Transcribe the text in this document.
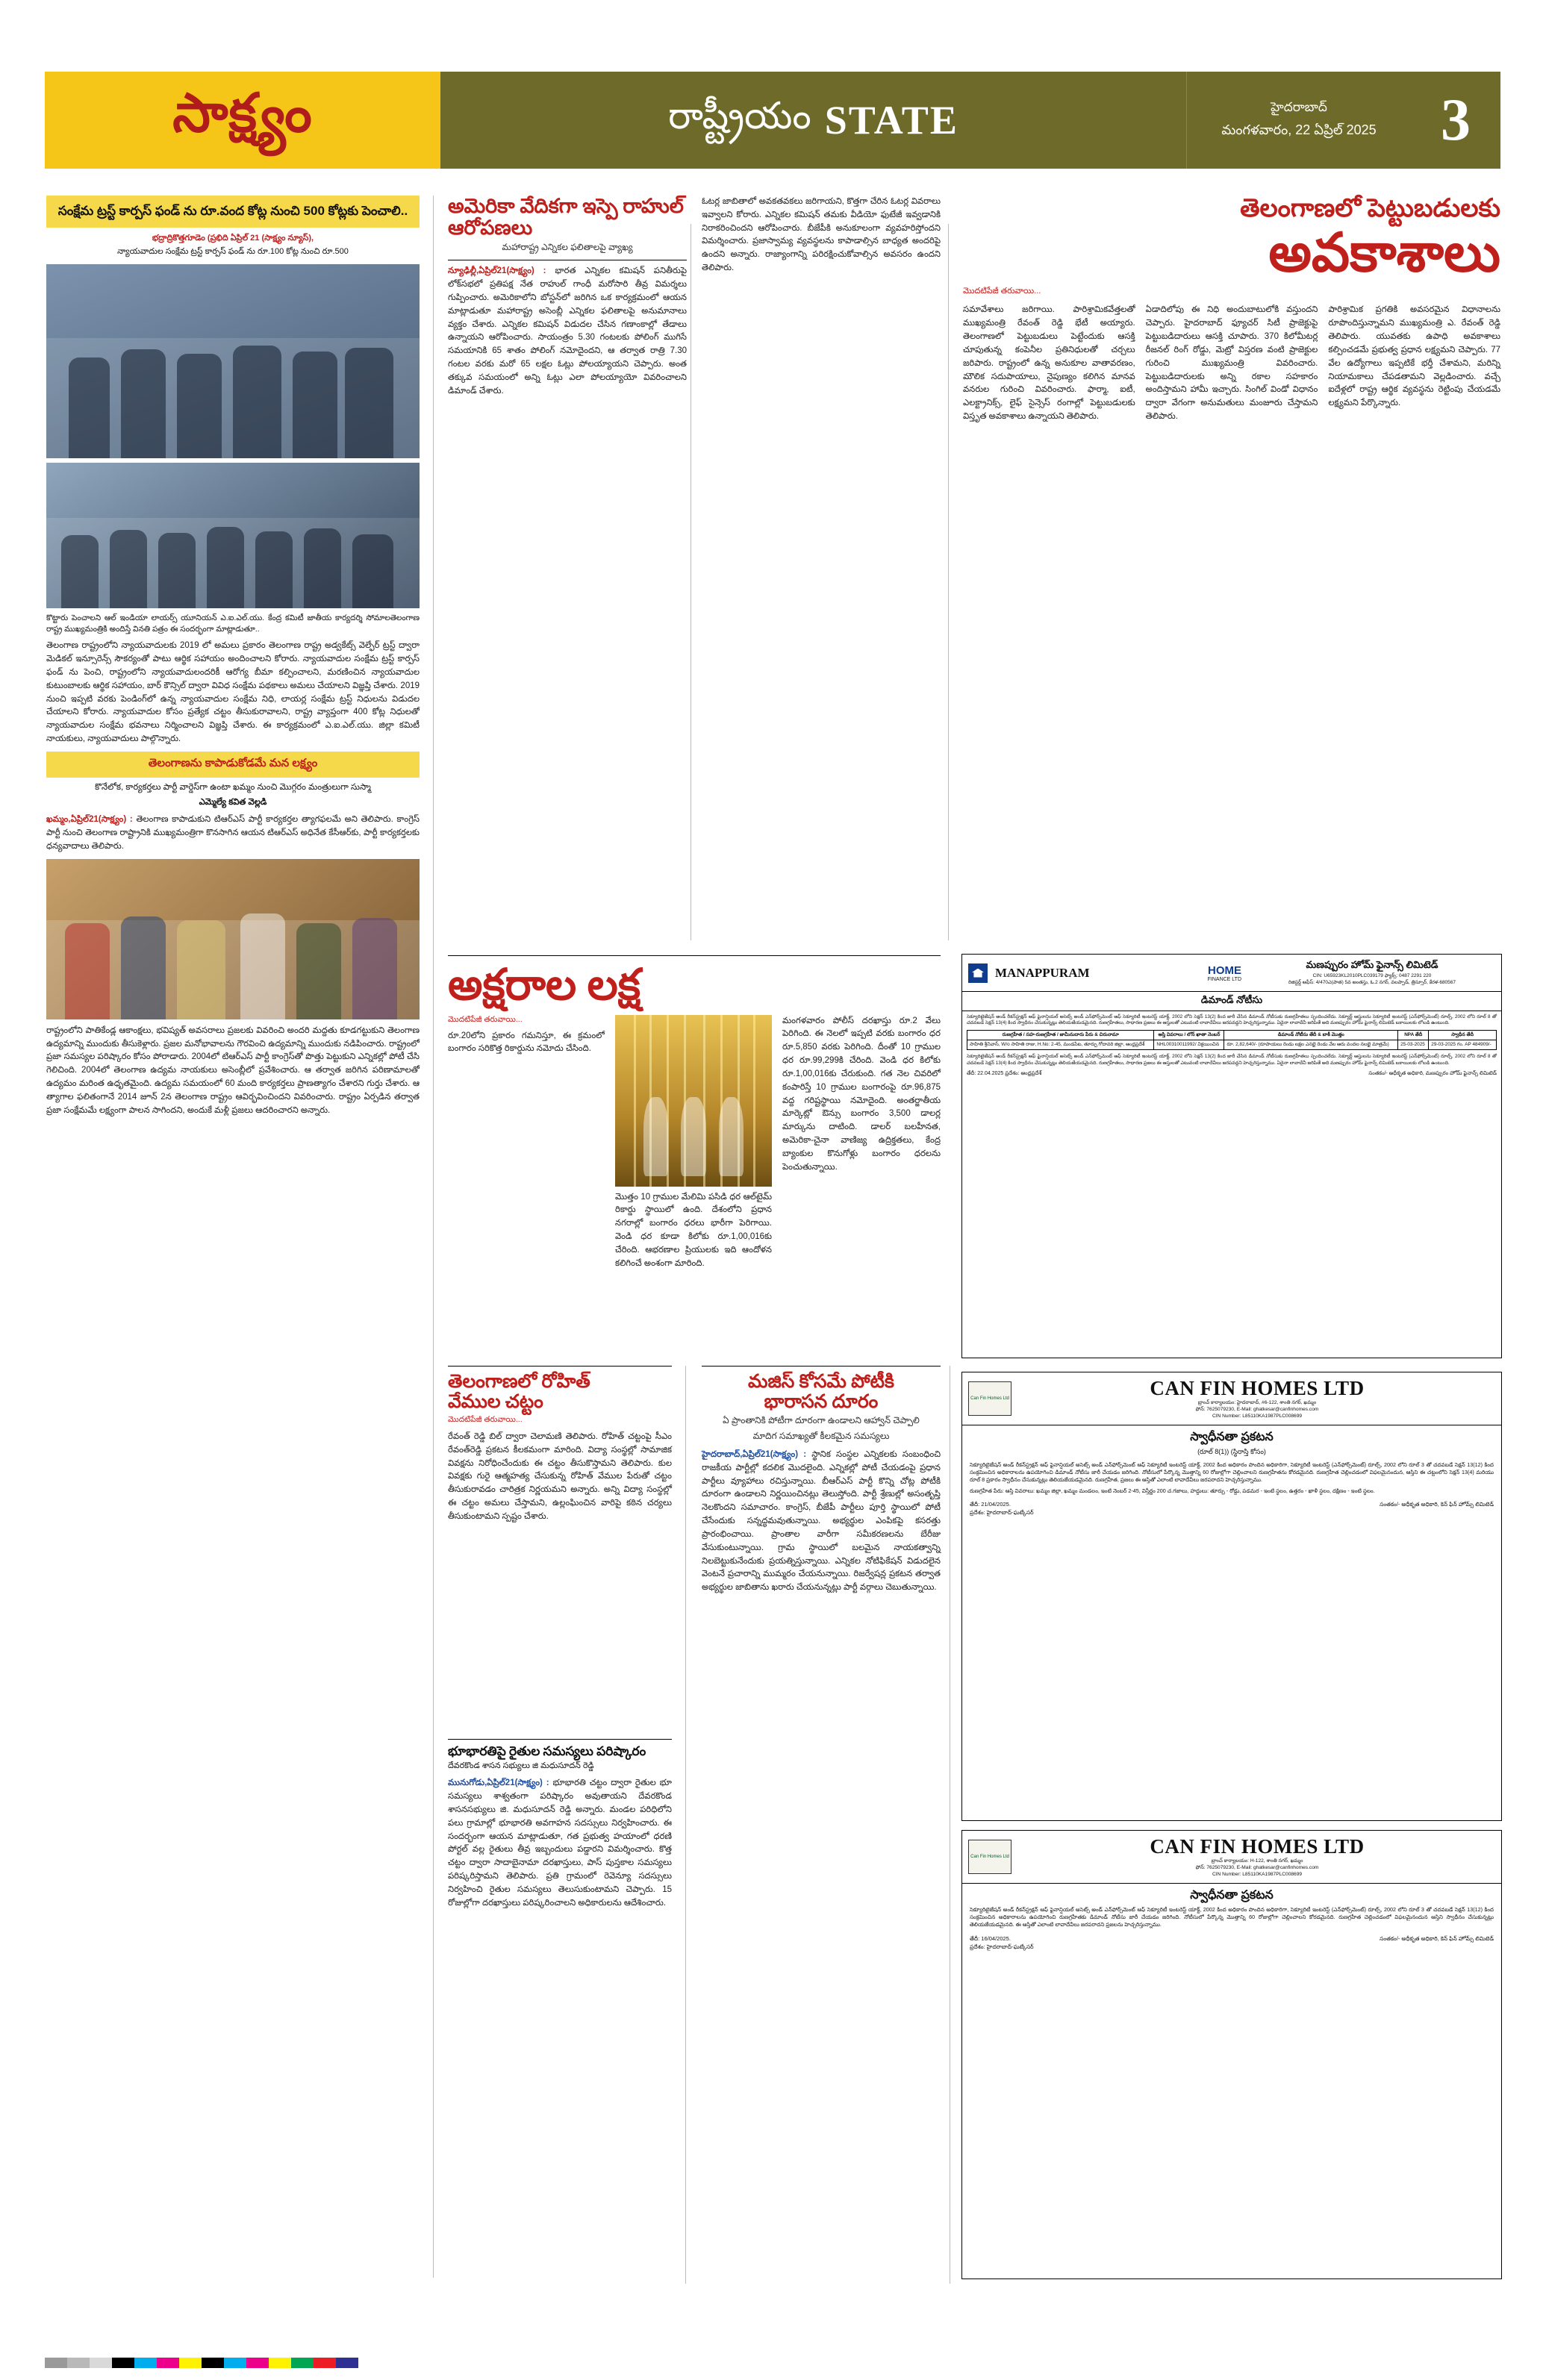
సాక్ష్యం	రాష్ట్రీయం STATE	హైదరాబాద్
మంగళవారం, 22 ఏప్రిల్ 2025	3
సంక్షేమ ట్రస్ట్ కార్పస్ ఫండ్ ను రూ.వంద కోట్ల నుంచి 500 కోట్లకు పెంచాలి..
భద్రాద్రికొత్తగూడెం (ప్రభిది ఏప్రిల్ 21 (సాక్ష్యం న్యూస్),
న్యాయవాదుల సంక్షేమ ట్రస్ట్ కార్పస్ ఫండ్ ను రూ.100 కోట్ల నుంచి రూ.500
కొట్టారు పెంచాలని ఆల్ ఇండియా లాయర్స్ యూనియన్ ఎ.ఐ.ఎల్.యు. కేంద్ర కమిటీ జాతీయ కార్యదర్శి సోమాలతెలంగాణ రాష్ట్ర ముఖ్యమంత్రికి అందిస్తే వినతి పత్రం ఈ సందర్భంగా మాట్లాడుతూ..

తెలంగాణ రాష్ట్రంలోని న్యాయవాదులకు 2019 లో అమలు ప్రకారం తెలంగాణ రాష్ట్ర అడ్వకేట్స్ వెల్ఫేర్ ట్రస్ట్ ద్వారా మెడికల్ ఇన్సూరెన్స్ సౌకర్యంతో పాటు ఆర్థిక సహాయం అందించాలని కోరారు. న్యాయవాదుల సంక్షేమ ట్రస్ట్ కార్పస్ ఫండ్ ను పెంచి, రాష్ట్రంలోని న్యాయవాదులందరికీ ఆరోగ్య బీమా కల్పించాలని, మరణించిన న్యాయవాదుల కుటుంబాలకు ఆర్థిక సహాయం, బార్ కౌన్సిల్ ద్వారా వివిధ సంక్షేమ పథకాలు అమలు చేయాలని విజ్ఞప్తి చేశారు. 2019 నుంచి ఇప్పటి వరకు పెండింగ్‌లో ఉన్న న్యాయవాదుల సంక్షేమ నిధి, లాయర్ల సంక్షేమ ట్రస్ట్ నిధులను విడుదల చేయాలని కోరారు. న్యాయవాదుల కోసం ప్రత్యేక చట్టం తీసుకురావాలని, రాష్ట్ర వ్యాప్తంగా 400 కోట్ల నిధులతో న్యాయవాదుల సంక్షేమ భవనాలు నిర్మించాలని విజ్ఞప్తి చేశారు. ఈ కార్యక్రమంలో ఎ.ఐ.ఎల్.యు. జిల్లా కమిటీ నాయకులు, న్యాయవాదులు పాల్గొన్నారు.

తెలంగాణను కాపాడుకోడమే మన లక్ష్యం
కొనేలోక, కార్యకర్తలు పార్టీ వార్డెస్‌గా ఉంటా ఖమ్మం నుంచి మొగ్గరం మంత్రులుగా సుస్మా
ఎమ్మెల్యే కవిత వెల్లడి

ఖమ్మం,ఏప్రిల్21(సాక్ష్యం) : తెలంగాణ కాపాడుకుని టిఆర్ఎస్ పార్టీ కార్యకర్తల త్యాగఫలమే అని తెలిపారు. కాంగ్రెస్ పార్టీ నుంచి తెలంగాణ రాష్ట్రానికి ముఖ్యమంత్రిగా కొనసాగిన ఆయన టిఆర్ఎస్ అధినేత కేసీఆర్‌కు, పార్టీ కార్యకర్తలకు ధన్యవాదాలు తెలిపారు.

రాష్ట్రంలోని పాతికేండ్ల ఆకాంక్షలు, భవిష్యత్ అవసరాలు ప్రజలకు వివరించి అందరి మద్దతు కూడగట్టుకుని తెలంగాణ ఉద్యమాన్ని ముందుకు తీసుకెళ్లారు. ప్రజల మనోభావాలను గౌరవించి ఉద్యమాన్ని ముందుకు నడిపించారు. రాష్ట్రంలో ప్రజా సమస్యల పరిష్కారం కోసం పోరాడారు. 2004లో టిఆర్ఎస్ పార్టీ కాంగ్రెస్‌తో పొత్తు పెట్టుకుని ఎన్నికల్లో పోటీ చేసి గెలిచింది. 2004లో తెలంగాణ ఉద్యమ నాయకులు అసెంబ్లీలో ప్రవేశించారు. ఆ తర్వాత జరిగిన పరిణామాలతో ఉద్యమం మరింత ఉధృతమైంది. ఉద్యమ సమయంలో 60 మంది కార్యకర్తలు ప్రాణత్యాగం చేశారని గుర్తు చేశారు. ఆ త్యాగాల ఫలితంగానే 2014 జూన్ 2న తెలంగాణ రాష్ట్రం ఆవిర్భవించిందని వివరించారు. రాష్ట్రం ఏర్పడిన తర్వాత ప్రజా సంక్షేమమే లక్ష్యంగా పాలన సాగిందని, అందుకే మళ్లీ ప్రజలు ఆదరించారని అన్నారు.

అమెరికా వేదికగా ఇస్పె రాహుల్ ఆరోపణలు
మహారాష్ట్ర ఎన్నికల ఫలితాలపై వ్యాఖ్య

న్యూఢిల్లీ,ఏప్రిల్21(సాక్ష్యం) : భారత ఎన్నికల కమిషన్ పనితీరుపై లోక్‌సభలో ప్రతిపక్ష నేత రాహుల్ గాంధీ మరోసారి తీవ్ర విమర్శలు గుప్పించారు. అమెరికాలోని బోస్టన్‌లో జరిగిన ఒక కార్యక్రమంలో ఆయన మాట్లాడుతూ మహారాష్ట్ర అసెంబ్లీ ఎన్నికల ఫలితాలపై అనుమానాలు వ్యక్తం చేశారు. ఎన్నికల కమిషన్ విడుదల చేసిన గణాంకాల్లో తేడాలు ఉన్నాయని ఆరోపించారు. సాయంత్రం 5.30 గంటలకు పోలింగ్ ముగిసే సమయానికి 65 శాతం పోలింగ్ నమోదైందని, ఆ తర్వాత రాత్రి 7.30 గంటల వరకు మరో 65 లక్షల ఓట్లు పోలయ్యాయని చెప్పారు. అంత తక్కువ సమయంలో అన్ని ఓట్లు ఎలా పోలయ్యాయో వివరించాలని డిమాండ్ చేశారు.

ఓటర్ల జాబితాలో అవకతవకలు జరిగాయని, కొత్తగా చేరిన ఓటర్ల వివరాలు ఇవ్వాలని కోరారు. ఎన్నికల కమిషన్ తమకు వీడియో ఫుటేజీ ఇవ్వడానికి నిరాకరించిందని ఆరోపించారు. బీజేపీకి అనుకూలంగా వ్యవహరిస్తోందని విమర్శించారు. ప్రజాస్వామ్య వ్యవస్థలను కాపాడాల్సిన బాధ్యత అందరిపై ఉందని అన్నారు. రాజ్యాంగాన్ని పరిరక్షించుకోవాల్సిన అవసరం ఉందని తెలిపారు.

తెలంగాణలో పెట్టుబడులకు
అవకాశాలు
మొదటిపేజీ తరువాయి...
సమావేశాలు జరిగాయి. పారిశ్రామికవేత్తలతో ముఖ్యమంత్రి రేవంత్ రెడ్డి భేటీ అయ్యారు. తెలంగాణలో పెట్టుబడులు పెట్టేందుకు ఆసక్తి చూపుతున్న కంపెనీల ప్రతినిధులతో చర్చలు జరిపారు. రాష్ట్రంలో ఉన్న అనుకూల వాతావరణం, మౌలిక సదుపాయాలు, నైపుణ్యం కలిగిన మానవ వనరుల గురించి వివరించారు. ఫార్మా, ఐటీ, ఎలక్ట్రానిక్స్, లైఫ్ సైన్సెస్ రంగాల్లో పెట్టుబడులకు విస్తృత అవకాశాలు ఉన్నాయని తెలిపారు.
ఏడాదిలోపు ఈ నిధి అందుబాటులోకి వస్తుందని చెప్పారు. హైదరాబాద్ ఫ్యూచర్ సిటీ ప్రాజెక్టుపై పెట్టుబడిదారులు ఆసక్తి చూపారు. 370 కిలోమీటర్ల రీజనల్ రింగ్ రోడ్డు, మెట్రో విస్తరణ వంటి ప్రాజెక్టుల గురించి ముఖ్యమంత్రి వివరించారు. పెట్టుబడిదారులకు అన్ని రకాల సహకారం అందిస్తామని హామీ ఇచ్చారు. సింగిల్ విండో విధానం ద్వారా వేగంగా అనుమతులు మంజూరు చేస్తామని తెలిపారు.
పారిశ్రామిక ప్రగతికి అవసరమైన విధానాలను రూపొందిస్తున్నామని ముఖ్యమంత్రి ఎ. రేవంత్ రెడ్డి తెలిపారు. యువతకు ఉపాధి అవకాశాలు కల్పించడమే ప్రభుత్వ ప్రధాన లక్ష్యమని చెప్పారు. 77 వేల ఉద్యోగాలు ఇప్పటికే భర్తీ చేశామని, మరిన్ని నియామకాలు చేపడతామని వెల్లడించారు. వచ్చే ఐదేళ్లలో రాష్ట్ర ఆర్థిక వ్యవస్థను రెట్టింపు చేయడమే లక్ష్యమని పేర్కొన్నారు.
అక్షరాల లక్ష
మొదటిపేజీ తరువాయి...
రూ.20లోని ప్రకారం గమనిస్తూ, ఈ క్రమంలో బంగారం సరికొత్త రికార్డును నమోదు చేసింది.
మొత్తం 10 గ్రాముల మేలిమి పసిడి ధర ఆల్‌టైమ్ రికార్డు స్థాయిలో ఉంది. దేశంలోని ప్రధాన నగరాల్లో బంగారం ధరలు భారీగా పెరిగాయి. వెండి ధర కూడా కిలోకు రూ.1,00,016కు చేరింది. ఆభరణాల ప్రియులకు ఇది ఆందోళన కలిగించే అంశంగా మారింది.
మంగళవారం పోలీస్ దరఖాస్తు రూ.2 వేలు పెరిగింది. ఈ నెలలో ఇప్పటి వరకు బంగారం ధర రూ.5,850 వరకు పెరిగింది. దీంతో 10 గ్రాముల ధర రూ.99,299కి చేరింది. వెండి ధర కిలోకు రూ.1,00,016కు చేరుకుంది. గత నెల చివరిలో కంపారిస్తే 10 గ్రాముల బంగారంపై రూ.96,875 వద్ద గరిష్టస్థాయి నమోదైంది. అంతర్జాతీయ మార్కెట్లో ఔన్సు బంగారం 3,500 డాలర్ల మార్కును దాటింది. డాలర్ బలహీనత, అమెరికా-చైనా వాణిజ్య ఉద్రిక్తతలు, కేంద్ర బ్యాంకుల కొనుగోళ్లు బంగారం ధరలను పెంచుతున్నాయి.
MANAPPURAM	HOME
FINANCE LTD
మణప్పురం హోమ్ ఫైనాన్స్ లిమిటెడ్
CIN: U65923KL2010PLC039179 ఫ్యాక్స్: 0487 2291 220
రిజిస్టర్డ్ ఆఫీస్: 4/470ఎ(పాత) 5వ అంతస్తు, ఓ.2 నగర్, వలప్పాడ్, త్రిస్సూర్, కేరళ-680567
డిమాండ్ నోటీసు
సెక్యూరిటైజేషన్ అండ్ రీకన్‌స్ట్రక్షన్ ఆఫ్ ఫైనాన్షియల్ అసెట్స్ అండ్ ఎన్‌ఫోర్స్‌మెంట్ ఆఫ్ సెక్యూరిటీ ఇంటరెస్ట్ యాక్ట్, 2002 లోని సెక్షన్ 13(2) కింద జారీ చేసిన డిమాండ్ నోటీసుకు రుణగ్రహీతలు స్పందించలేదు. సెక్యూర్డ్ ఆస్తులను సెక్యూరిటీ ఇంటరెస్ట్ (ఎన్‌ఫోర్స్‌మెంట్) రూల్స్, 2002 లోని రూల్ 8 తో చదవబడే సెక్షన్ 13(4) కింద స్వాధీనం చేసుకున్నట్లు తెలియజేయడమైనది. రుణగ్రహీతలు, సాధారణ ప్రజలు ఈ ఆస్తులతో ఎటువంటి లావాదేవీలు జరపవద్దని హెచ్చరిస్తున్నాము. ఏదైనా లావాదేవీ జరిపితే అది మణప్పురం హోమ్ ఫైనాన్స్ లిమిటెడ్ బకాయిలకు లోబడి ఉంటుంది.
రుణగ్రహీత / సహ-రుణగ్రహీత / జామీనుదారు పేరు & చిరునామా	ఆస్తి వివరాలు / లోన్ ఖాతా నెంబర్	డిమాండ్ నోటీసు తేదీ & బాకీ మొత్తం	NPA తేదీ	స్వాధీన తేదీ
సాహితి శ్రీనివాస్, W/o సాహితి రాజు, H.No: 2-45, మండపేట, తూర్పు గోదావరి జిల్లా, ఆంధ్రప్రదేశ్	NHL00310011992/ విక్రయించిన	రూ. 2,82,640/- (రూపాయలు రెండు లక్షల ఎనభై రెండు వేల ఆరు వందల నలభై మాత్రమే)	25-03-2025	29-03-2025 గం. AP 484909/-
సెక్యూరిటైజేషన్ అండ్ రీకన్‌స్ట్రక్షన్ ఆఫ్ ఫైనాన్షియల్ అసెట్స్ అండ్ ఎన్‌ఫోర్స్‌మెంట్ ఆఫ్ సెక్యూరిటీ ఇంటరెస్ట్ యాక్ట్, 2002 లోని సెక్షన్ 13(2) కింద జారీ చేసిన డిమాండ్ నోటీసుకు రుణగ్రహీతలు స్పందించలేదు. సెక్యూర్డ్ ఆస్తులను సెక్యూరిటీ ఇంటరెస్ట్ (ఎన్‌ఫోర్స్‌మెంట్) రూల్స్, 2002 లోని రూల్ 8 తో చదవబడే సెక్షన్ 13(4) కింద స్వాధీనం చేసుకున్నట్లు తెలియజేయడమైనది. రుణగ్రహీతలు, సాధారణ ప్రజలు ఈ ఆస్తులతో ఎటువంటి లావాదేవీలు జరపవద్దని హెచ్చరిస్తున్నాము. ఏదైనా లావాదేవీ జరిపితే అది మణప్పురం హోమ్ ఫైనాన్స్ లిమిటెడ్ బకాయిలకు లోబడి ఉంటుంది.
తేదీ: 22.04.2025 ప్రదేశం: ఆంధ్రప్రదేశ్	సంతకం/- అధీకృత అధికారి, మణప్పురం హోమ్ ఫైనాన్స్ లిమిటెడ్
తెలంగాణలో రోహిత్
వేముల చట్టం
మొదటిపేజీ తరువాయి...
రేవంత్ రెడ్డి బిల్ ద్వారా చెలామణి తెలిపారు. రోహిత్ చట్టంపై సీఎం రేవంత్‌రెడ్డి ప్రకటన కీలకమంగా మారింది. విద్యా సంస్థల్లో సామాజిక వివక్షను నిరోధించేందుకు ఈ చట్టం తీసుకొస్తామని తెలిపారు. కుల వివక్షకు గురై ఆత్మహత్య చేసుకున్న రోహిత్ వేముల పేరుతో చట్టం తీసుకురావడం చారిత్రక నిర్ణయమని అన్నారు. అన్ని విద్యా సంస్థల్లో ఈ చట్టం అమలు చేస్తామని, ఉల్లంఘించిన వారిపై కఠిన చర్యలు తీసుకుంటామని స్పష్టం చేశారు.
భూభారతిపై రైతుల సమస్యలు పరిష్కారం
దేవరకొండ శాసన సభ్యులు జి మధుసూదన్ రెడ్డి

మునుగోడు,ఏప్రిల్21(సాక్ష్యం) : భూభారతి చట్టం ద్వారా రైతుల భూ సమస్యలు శాశ్వతంగా పరిష్కారం అవుతాయని దేవరకొండ శాసనసభ్యులు జి. మధుసూదన్ రెడ్డి అన్నారు. మండల పరిధిలోని పలు గ్రామాల్లో భూభారతి అవగాహన సదస్సులు నిర్వహించారు. ఈ సందర్భంగా ఆయన మాట్లాడుతూ, గత ప్రభుత్వ హయాంలో ధరణి పోర్టల్ వల్ల రైతులు తీవ్ర ఇబ్బందులు పడ్డారని విమర్శించారు. కొత్త చట్టం ద్వారా సాదాబైనామా దరఖాస్తులు, పాస్ పుస్తకాల సమస్యలు పరిష్కరిస్తామని తెలిపారు. ప్రతి గ్రామంలో రెవెన్యూ సదస్సులు నిర్వహించి రైతుల సమస్యలు తెలుసుకుంటామని చెప్పారు. 15 రోజుల్లోగా దరఖాస్తులు పరిష్కరించాలని అధికారులను ఆదేశించారు.

మజిస్ కోసమే పోటీకి
భారాసన దూరం
ఏ ప్రాంతానికి పోటీగా దూరంగా ఉండాలని ఆహ్వాన్ చెప్పాలి
మాదిగ సమాఖ్యతో కీలకమైన సమస్యలు

హైదరాబాద్,ఏప్రిల్21(సాక్ష్యం) : స్థానిక సంస్థల ఎన్నికలకు సంబంధించి రాజకీయ పార్టీల్లో కదలిక మొదలైంది. ఎన్నికల్లో పోటీ చేయడంపై ప్రధాన పార్టీలు వ్యూహాలు రచిస్తున్నాయి. బీఆర్ఎస్ పార్టీ కొన్ని చోట్ల పోటీకి దూరంగా ఉండాలని నిర్ణయించినట్లు తెలుస్తోంది. పార్టీ శ్రేణుల్లో అసంతృప్తి నెలకొందని సమాచారం. కాంగ్రెస్, బీజేపీ పార్టీలు పూర్తి స్థాయిలో పోటీ చేసేందుకు సన్నద్ధమవుతున్నాయి. అభ్యర్థుల ఎంపికపై కసరత్తు ప్రారంభించాయి. ప్రాంతాల వారీగా సమీకరణలను బేరీజు వేసుకుంటున్నాయి. గ్రామ స్థాయిలో బలమైన నాయకత్వాన్ని నిలబెట్టుకునేందుకు ప్రయత్నిస్తున్నాయి. ఎన్నికల నోటిఫికేషన్ విడుదలైన వెంటనే ప్రచారాన్ని ముమ్మరం చేయనున్నాయి. రిజర్వేషన్ల ప్రకటన తర్వాత అభ్యర్థుల జాబితాను ఖరారు చేయనున్నట్లు పార్టీ వర్గాలు చెబుతున్నాయి.

Can Fin Homes Ltd	CAN FIN HOMES LTD
బ్రాంచ్ కార్యాలయం: హైదరాబాద్, #6-122, శాంతి నగర్, ఖమ్మం
ఫోన్: 7625079230, E-Mail: ghatkesar@canfinhomes.com
CIN Number: L85110KA1987PLC008699
స్వాధీనతా ప్రకటన
(రూల్ 8(1)) (స్థిరాస్తి కోసం)
సెక్యూరిటైజేషన్ అండ్ రీకన్‌స్ట్రక్షన్ ఆఫ్ ఫైనాన్షియల్ అసెట్స్ అండ్ ఎన్‌ఫోర్స్‌మెంట్ ఆఫ్ సెక్యూరిటీ ఇంటరెస్ట్ యాక్ట్, 2002 కింద అధికారం పొందిన అధికారిగా, సెక్యూరిటీ ఇంటరెస్ట్ (ఎన్‌ఫోర్స్‌మెంట్) రూల్స్, 2002 లోని రూల్ 3 తో చదవబడే సెక్షన్ 13(12) కింద సంక్రమించిన అధికారాలను ఉపయోగించి డిమాండ్ నోటీసు జారీ చేయడం జరిగింది. నోటీసులో పేర్కొన్న మొత్తాన్ని 60 రోజుల్లోగా చెల్లించాలని రుణగ్రహీతను కోరడమైనది. రుణగ్రహీత చెల్లించడంలో విఫలమైనందున, ఆస్తిని ఈ చట్టంలోని సెక్షన్ 13(4) మరియు రూల్ 8 ప్రకారం స్వాధీనం చేసుకున్నట్లు తెలియజేయడమైనది. రుణగ్రహీత, ప్రజలు ఈ ఆస్తితో ఎలాంటి లావాదేవీలు జరపరాదని హెచ్చరిస్తున్నాము.
రుణగ్రహీత పేరు: ఆస్తి వివరాలు: ఖమ్మం జిల్లా, ఖమ్మం మండలం, ఇంటి నెంబర్ 2-45, విస్తీర్ణం 200 చ.గజాలు, హద్దులు: తూర్పు - రోడ్డు, పడమర - ఇంటి స్థలం, ఉత్తరం - ఖాళీ స్థలం, దక్షిణం - ఇంటి స్థలం.
తేదీ: 21/04/2025.
ప్రదేశం: హైదరాబాద్-ఘట్కేసర్
సంతకం/- అధీకృత అధికారి, కెన్ ఫిన్ హోమ్స్ లిమిటెడ్
Can Fin Homes Ltd	CAN FIN HOMES LTD
బ్రాంచ్ కార్యాలయం: H-122, శాంతి నగర్, ఖమ్మం
ఫోన్: 7625079230, E-Mail: ghatkesar@canfinhomes.com
CIN Number: L85110KA1987PLC008699
స్వాధీనతా ప్రకటన
సెక్యూరిటైజేషన్ అండ్ రీకన్‌స్ట్రక్షన్ ఆఫ్ ఫైనాన్షియల్ అసెట్స్ అండ్ ఎన్‌ఫోర్స్‌మెంట్ ఆఫ్ సెక్యూరిటీ ఇంటరెస్ట్ యాక్ట్, 2002 కింద అధికారం పొందిన అధికారిగా, సెక్యూరిటీ ఇంటరెస్ట్ (ఎన్‌ఫోర్స్‌మెంట్) రూల్స్, 2002 లోని రూల్ 3 తో చదవబడే సెక్షన్ 13(12) కింద సంక్రమించిన అధికారాలను ఉపయోగించి రుణగ్రహీతకు డిమాండ్ నోటీసు జారీ చేయడం జరిగింది. నోటీసులో పేర్కొన్న మొత్తాన్ని 60 రోజుల్లోగా చెల్లించాలని కోరడమైనది. రుణగ్రహీత చెల్లించడంలో విఫలమైనందున ఆస్తిని స్వాధీనం చేసుకున్నట్లు తెలియజేయడమైనది. ఈ ఆస్తితో ఎలాంటి లావాదేవీలు జరపరాదని ప్రజలను హెచ్చరిస్తున్నాము.
తేదీ: 16/04/2025.
ప్రదేశం: హైదరాబాద్-ఘట్కేసర్
సంతకం/- అధీకృత అధికారి, కెన్ ఫిన్ హోమ్స్ లిమిటెడ్
